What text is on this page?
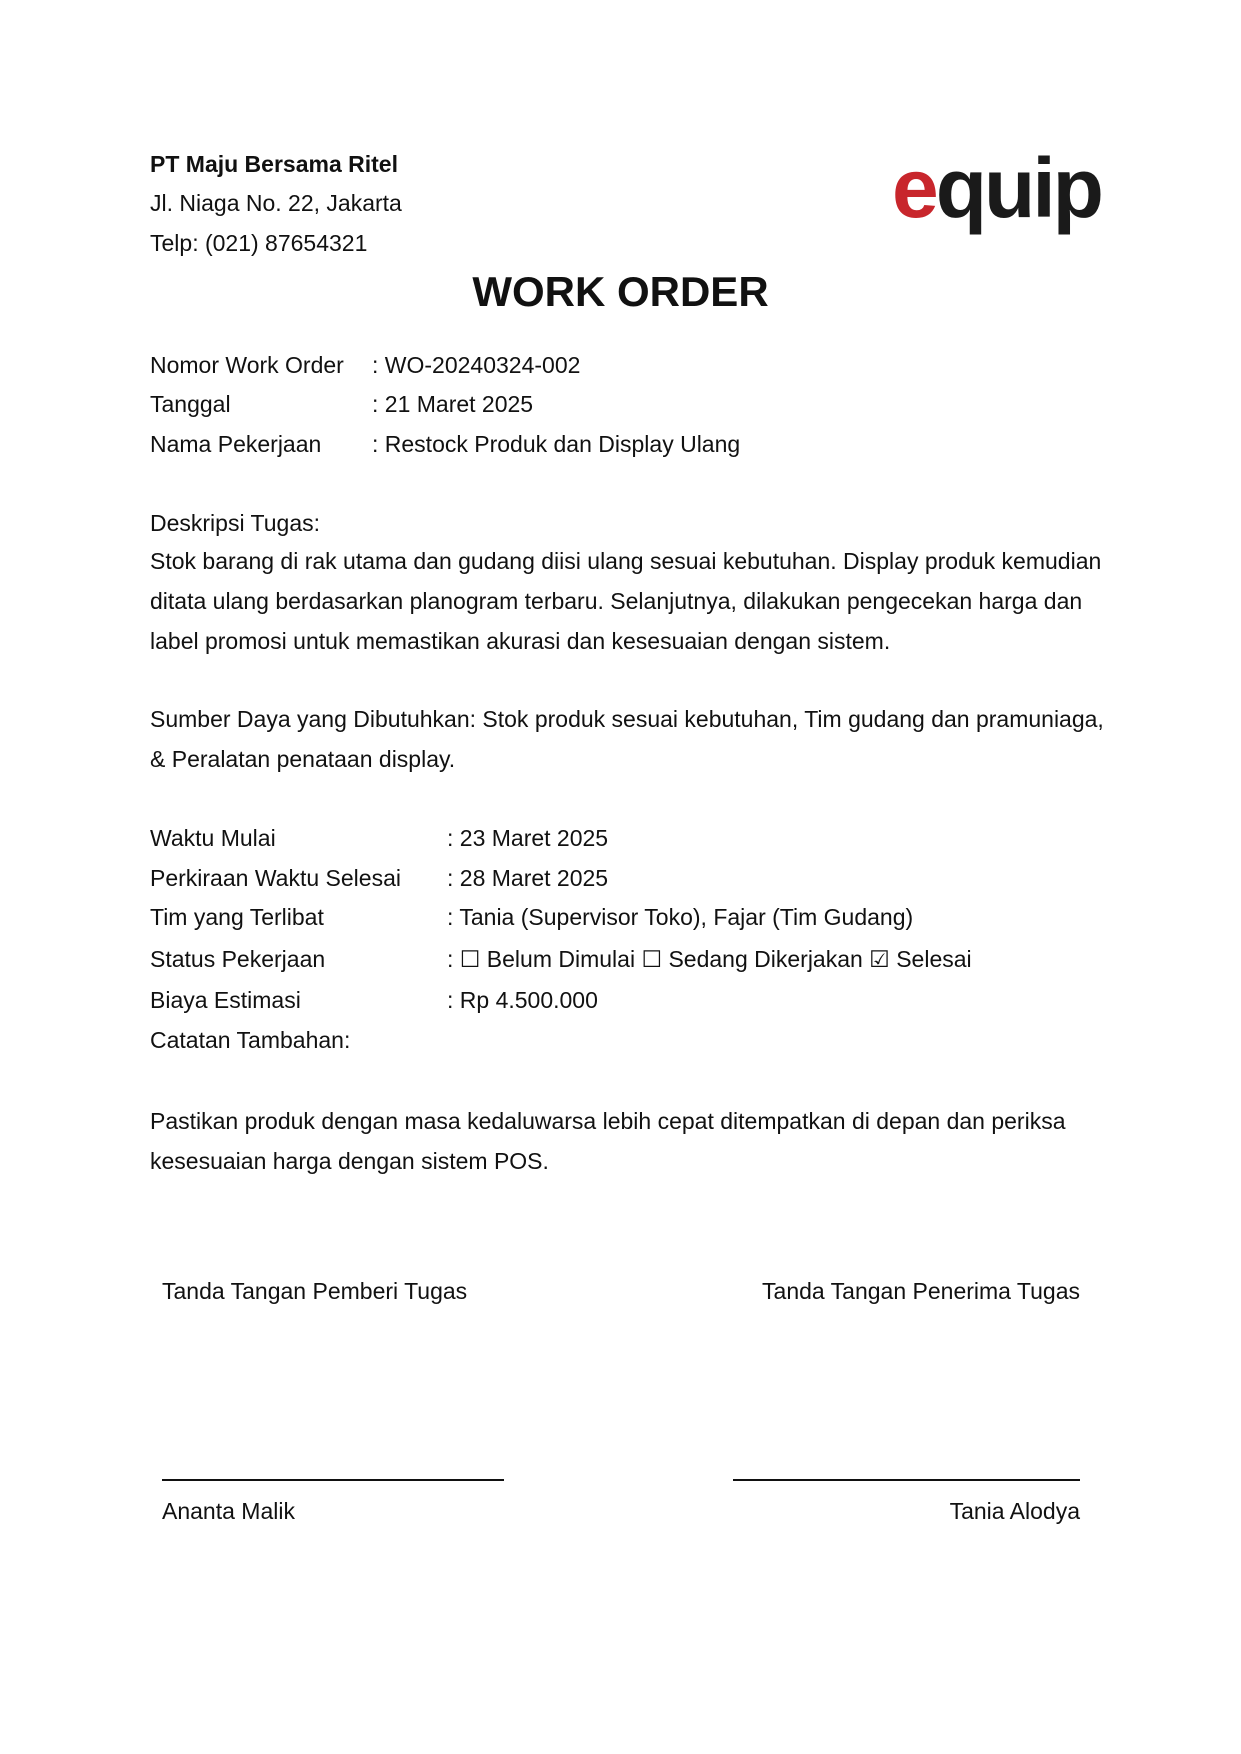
PT Maju Bersama Ritel
Jl. Niaga No. 22, Jakarta
Telp: (021) 87654321
equip
WORK ORDER
Nomor Work Order : WO-20240324-002
Tanggal	: 21 Maret 2025
Nama Pekerjaan : Restock Produk dan Display Ulang
Deskripsi Tugas:
Stok barang di rak utama dan gudang diisi ulang sesuai kebutuhan. Display produk kemudian ditata ulang berdasarkan planogram terbaru. Selanjutnya, dilakukan pengecekan harga dan label promosi untuk memastikan akurasi dan kesesuaian dengan sistem.
Sumber Daya yang Dibutuhkan: Stok produk sesuai kebutuhan, Tim gudang dan pramuniaga, & Peralatan penataan display.
Waktu Mulai	: 23 Maret 2025
Perkiraan Waktu Selesai : 28 Maret 2025
Tim yang Terlibat	: Tania (Supervisor Toko), Fajar (Tim Gudang)
Status Pekerjaan	: ☐ Belum Dimulai ☐ Sedang Dikerjakan ☑ Selesai
Biaya Estimasi	: Rp 4.500.000
Catatan Tambahan:
Pastikan produk dengan masa kedaluwarsa lebih cepat ditempatkan di depan dan periksa kesesuaian harga dengan sistem POS.
Tanda Tangan Pemberi Tugas	Tanda Tangan Penerima Tugas
Ananta Malik	Tania Alodya
